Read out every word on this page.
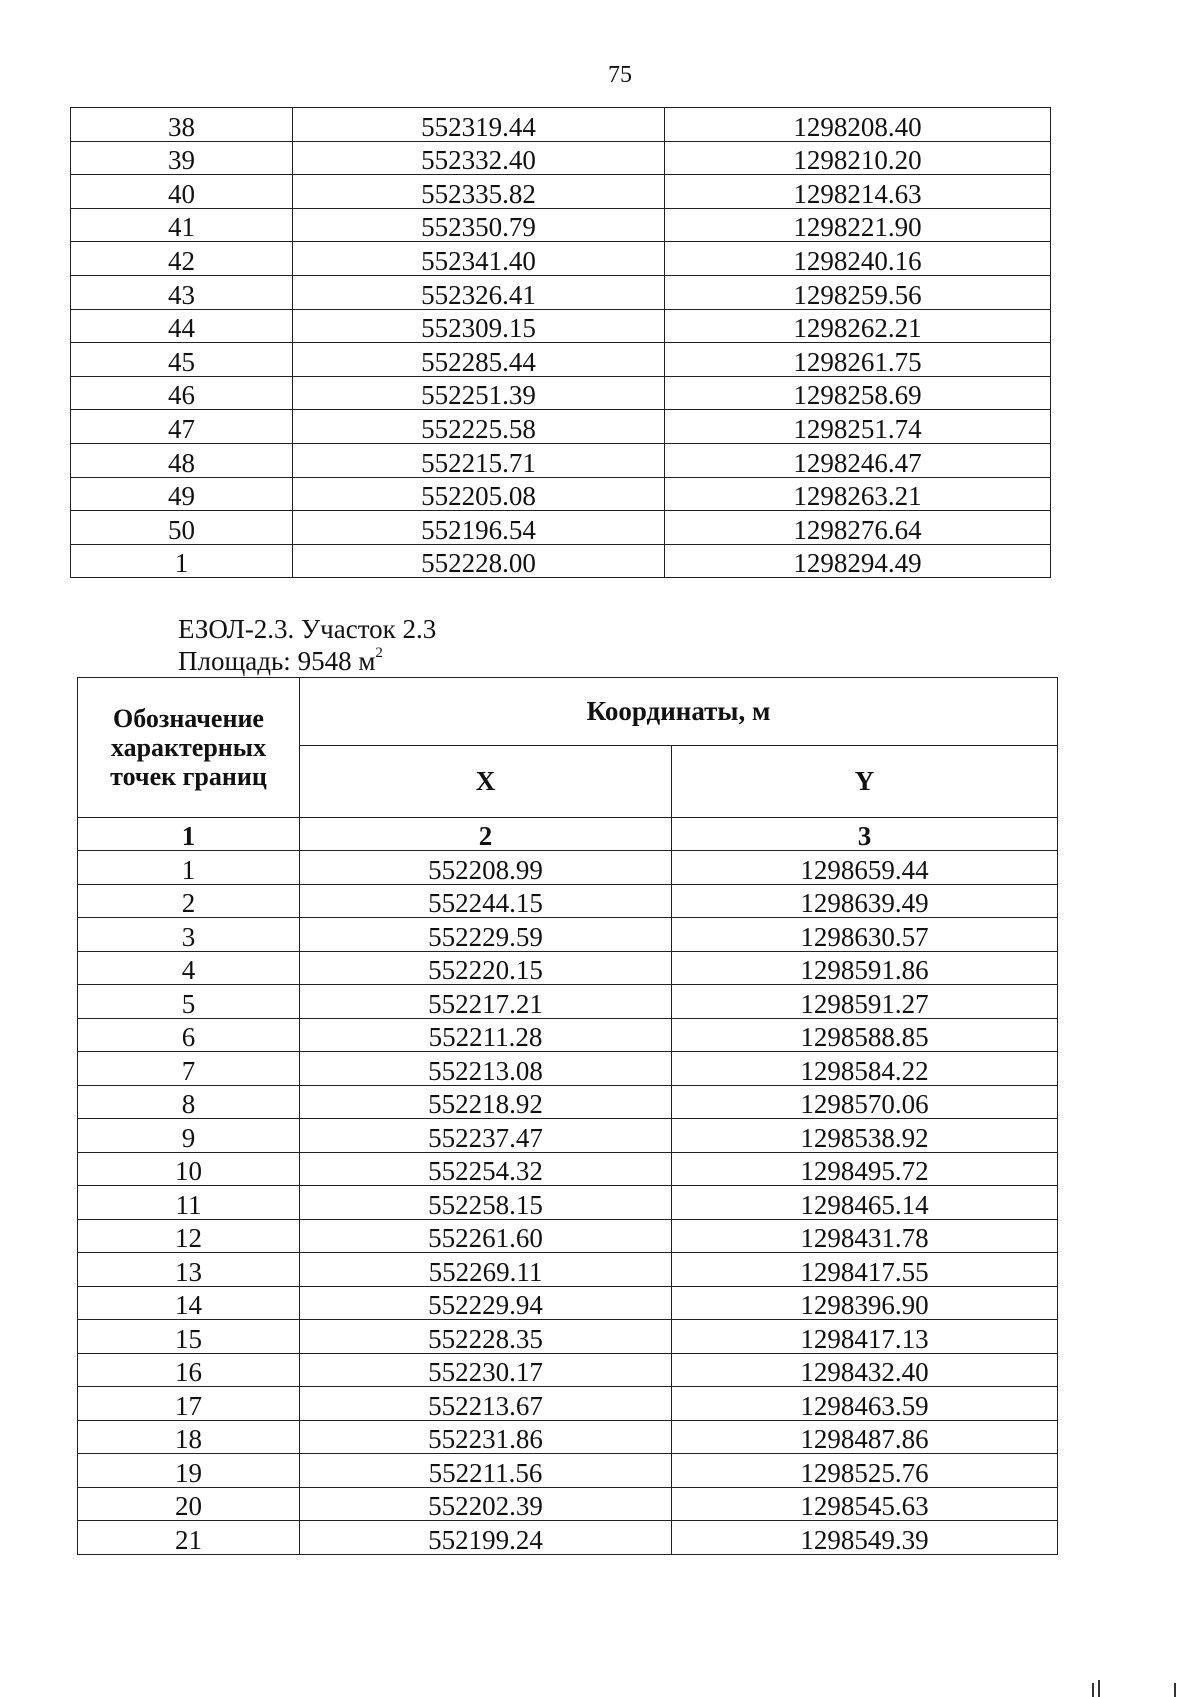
75
38	552319.44	1298208.40
39	552332.40	1298210.20
40	552335.82	1298214.63
41	552350.79	1298221.90
42	552341.40	1298240.16
43	552326.41	1298259.56
44	552309.15	1298262.21
45	552285.44	1298261.75
46	552251.39	1298258.69
47	552225.58	1298251.74
48	552215.71	1298246.47
49	552205.08	1298263.21
50	552196.54	1298276.64
1	552228.00	1298294.49
ЕЗОЛ-2.3. Участок 2.3
Площадь: 9548 $м^2$
Обозначение характерных точек границ	Координаты, м	
	X	Y
1	2	3
1	552208.99	1298659.44
2	552244.15	1298639.49
3	552229.59	1298630.57
4	552220.15	1298591.86
5	552217.21	1298591.27
6	552211.28	1298588.85
7	552213.08	1298584.22
8	552218.92	1298570.06
9	552237.47	1298538.92
10	552254.32	1298495.72
11	552258.15	1298465.14
12	552261.60	1298431.78
13	552269.11	1298417.55
14	552229.94	1298396.90
15	552228.35	1298417.13
16	552230.17	1298432.40
17	552213.67	1298463.59
18	552231.86	1298487.86
19	552211.56	1298525.76
20	552202.39	1298545.63
21	552199.24	1298549.39
